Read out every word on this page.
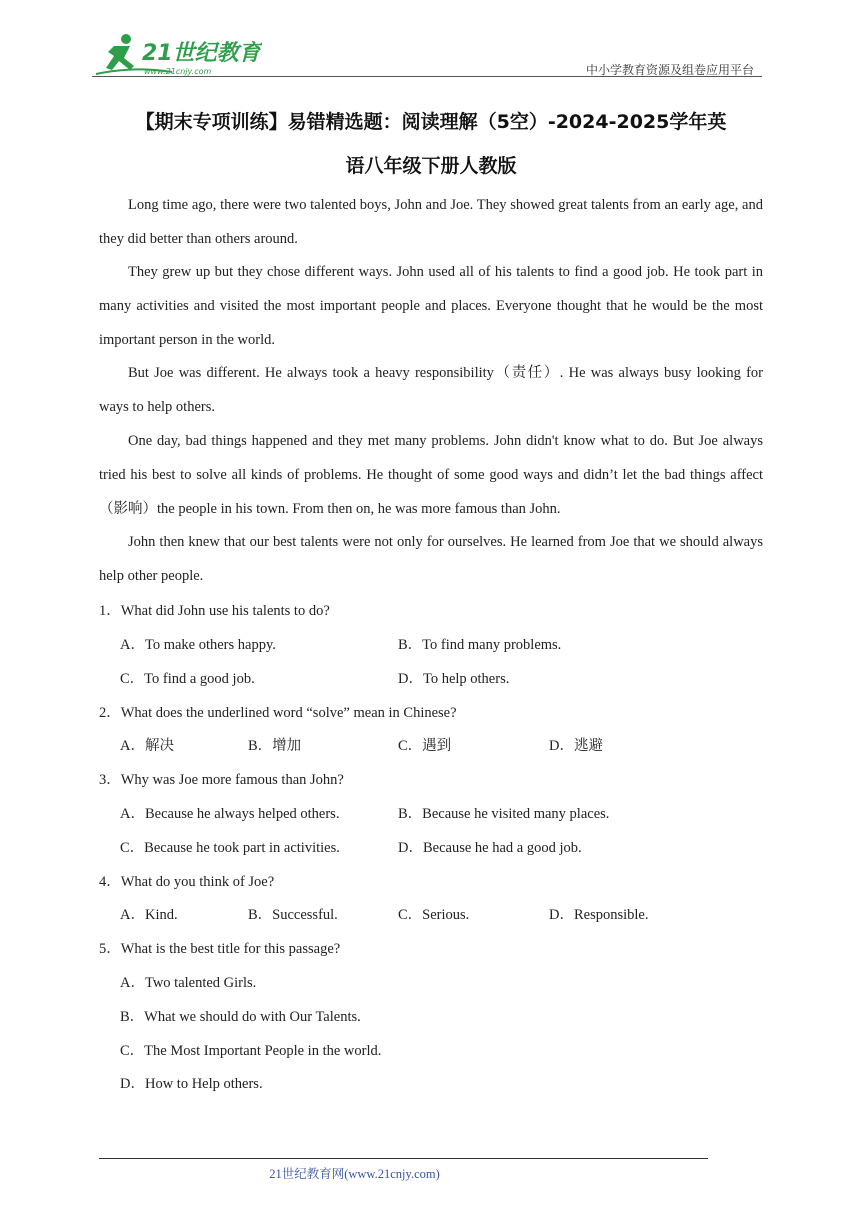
21世纪教育
www.21cnjy.com	中小学教育资源及组卷应用平台
【期末专项训练】易错精选题：阅读理解（5空）-2024-2025学年英
语八年级下册人教版

Long time ago, there were two talented boys, John and Joe. They showed great talents from an early age, and they did better than others around.

They grew up but they chose different ways. John used all of his talents to find a good job. He took part in many activities and visited the most important people and places. Everyone thought that he would be the most important person in the world.

But Joe was different. He always took a heavy responsibility（责任）. He was always busy looking for ways to help others.

One day, bad things happened and they met many problems. John didn't know what to do. But Joe always tried his best to solve all kinds of problems. He thought of some good ways and didn’t let the bad things affect（影响）the people in his town. From then on, he was more famous than John.

John then knew that our best talents were not only for ourselves. He learned from Joe that we should always help other people.

1．What did John use his talents to do?
A．To make others happy.	B．To find many problems.
C．To find a good job.	D．To help others.
2．What does the underlined word “solve” mean in Chinese?
A．解决	B．增加	C．遇到	D．逃避
3．Why was Joe more famous than John?
A．Because he always helped others.	B．Because he visited many places.
C．Because he took part in activities.	D．Because he had a good job.
4．What do you think of Joe?
A．Kind.	B．Successful.	C．Serious.	D．Responsible.
5．What is the best title for this passage?
A．Two talented Girls.
B．What we should do with Our Talents.
C．The Most Important People in the world.
D．How to Help others.
21世纪教育网(www.21cnjy.com)
